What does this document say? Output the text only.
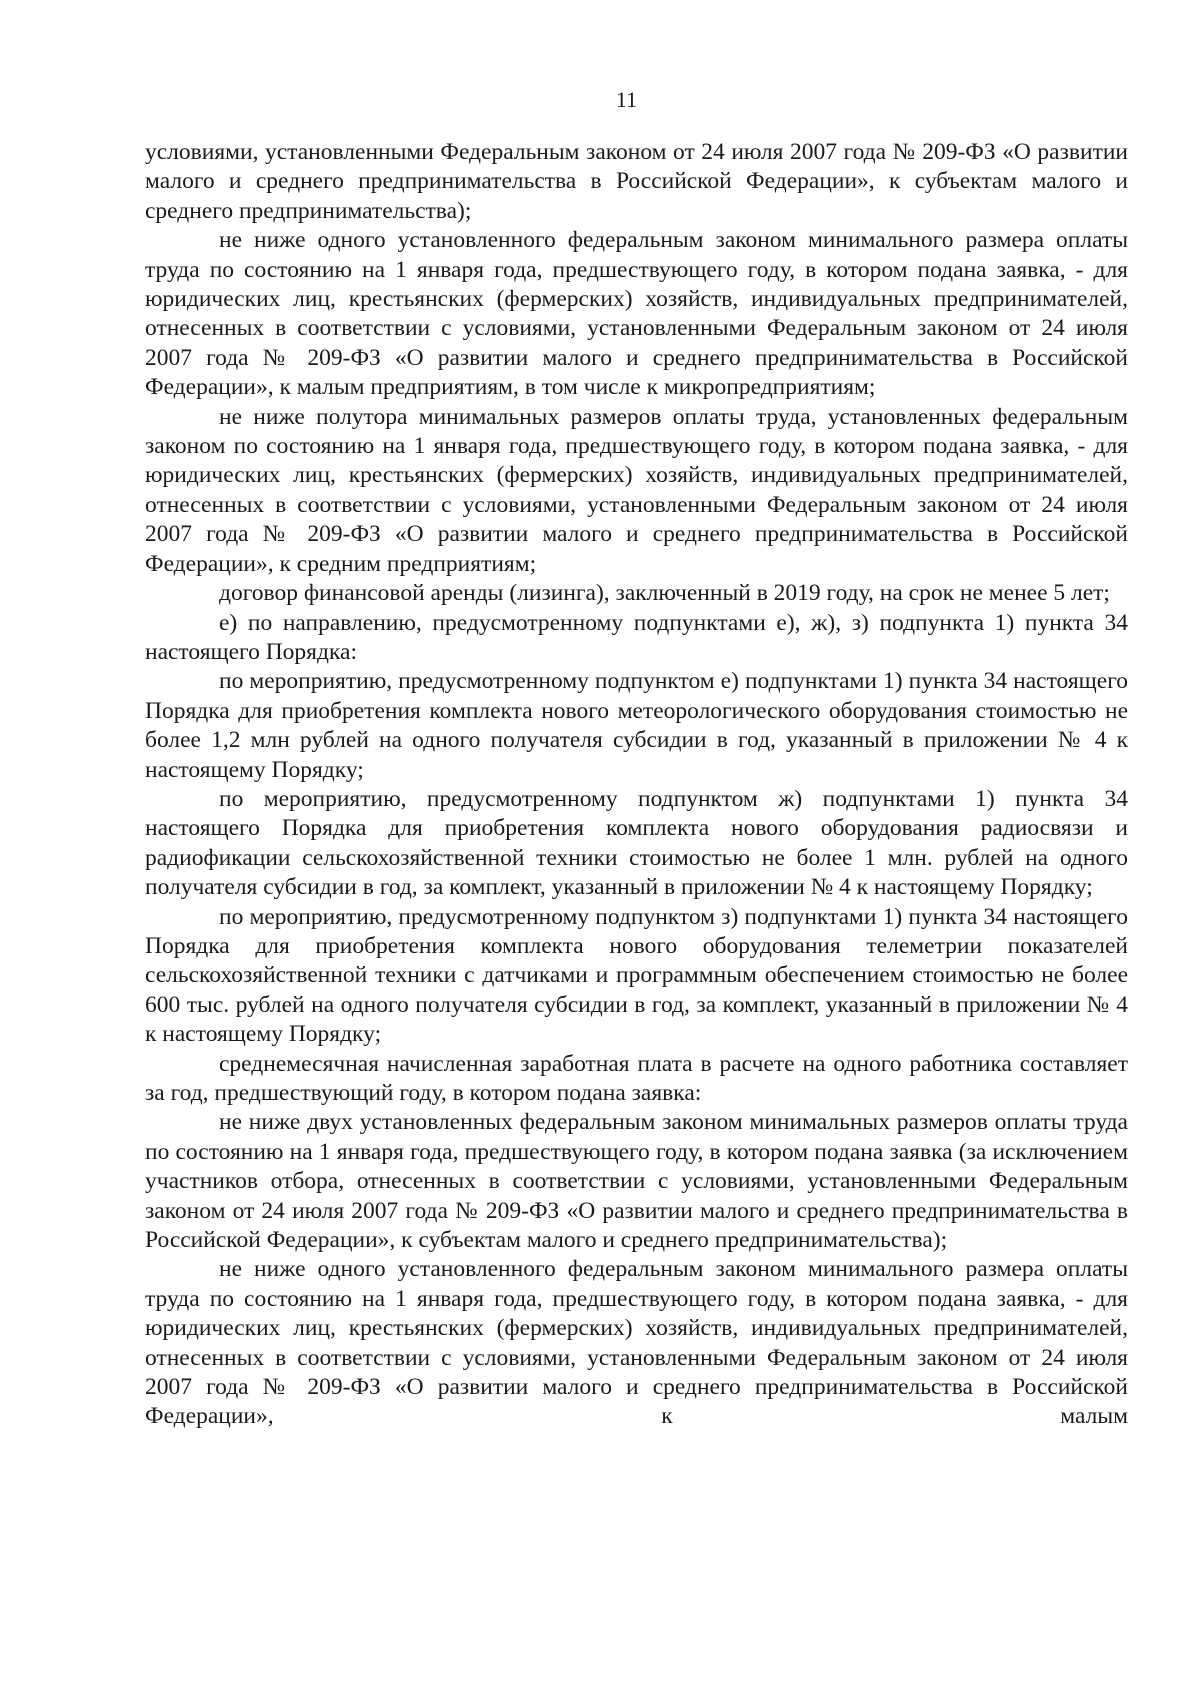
11

условиями, установленными Федеральным законом от 24 июля 2007 года № 209-ФЗ «О развитии малого и среднего предпринимательства в Российской Федерации», к субъектам малого и среднего предпринимательства);

не ниже одного установленного федеральным законом минимального размера оплаты труда по состоянию на 1 января года, предшествующего году, в котором подана заявка, - для юридических лиц, крестьянских (фермерских) хозяйств, индивидуальных предпринимателей, отнесенных в соответствии с условиями, установленными Федеральным законом от 24 июля 2007 года № 209-ФЗ «О развитии малого и среднего предпринимательства в Российской Федерации», к малым предприятиям, в том числе к микропредприятиям;

не ниже полутора минимальных размеров оплаты труда, установленных федеральным законом по состоянию на 1 января года, предшествующего году, в котором подана заявка, - для юридических лиц, крестьянских (фермерских) хозяйств, индивидуальных предпринимателей, отнесенных в соответствии с условиями, установленными Федеральным законом от 24 июля 2007 года № 209-ФЗ «О развитии малого и среднего предпринимательства в Российской Федерации», к средним предприятиям;

договор финансовой аренды (лизинга), заключенный в 2019 году, на срок не менее 5 лет;

е) по направлению, предусмотренному подпунктами е), ж), з) подпункта 1) пункта 34 настоящего Порядка:

по мероприятию, предусмотренному подпунктом е) подпунктами 1) пункта 34 настоящего Порядка для приобретения комплекта нового метеорологического оборудования стоимостью не более 1,2 млн рублей на одного получателя субсидии в год, указанный в приложении № 4 к настоящему Порядку;

по мероприятию, предусмотренному подпунктом ж) подпунктами 1) пункта 34 настоящего Порядка для приобретения комплекта нового оборудования радиосвязи и радиофикации сельскохозяйственной техники стоимостью не более 1 млн. рублей на одного получателя субсидии в год, за комплект, указанный в приложении № 4 к настоящему Порядку;

по мероприятию, предусмотренному подпунктом з) подпунктами 1) пункта 34 настоящего Порядка для приобретения комплекта нового оборудования телеметрии показателей сельскохозяйственной техники с датчиками и программным обеспечением стоимостью не более 600 тыс. рублей на одного получателя субсидии в год, за комплект, указанный в приложении № 4 к настоящему Порядку;

среднемесячная начисленная заработная плата в расчете на одного работника составляет за год, предшествующий году, в котором подана заявка:

не ниже двух установленных федеральным законом минимальных размеров оплаты труда по состоянию на 1 января года, предшествующего году, в котором подана заявка (за исключением участников отбора, отнесенных в соответствии с условиями, установленными Федеральным законом от 24 июля 2007 года № 209-ФЗ «О развитии малого и среднего предпринимательства в Российской Федерации», к субъектам малого и среднего предпринимательства);

не ниже одного установленного федеральным законом минимального размера оплаты труда по состоянию на 1 января года, предшествующего году, в котором подана заявка, - для юридических лиц, крестьянских (фермерских) хозяйств, индивидуальных предпринимателей, отнесенных в соответствии с условиями, установленными Федеральным законом от 24 июля 2007 года № 209-ФЗ «О развитии малого и среднего предпринимательства в Российской Федерации», к малым
